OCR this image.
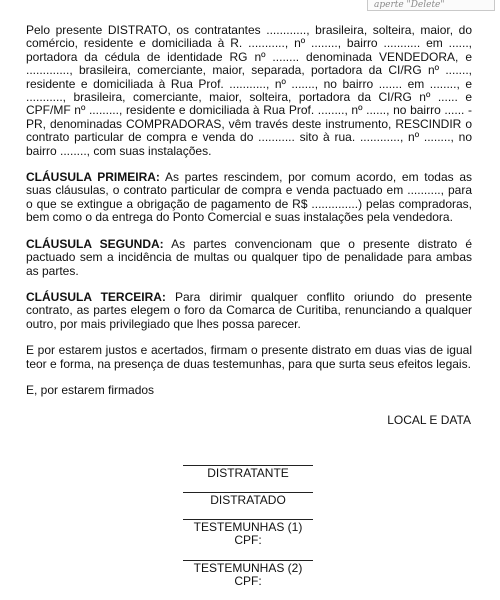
aperte "Delete"

Pelo presente DISTRATO, os contratantes ............, brasileira, solteira, maior, do comércio, residente e domiciliada à R. ..........., nº ........, bairro ........... em ......, portadora da cédula de identidade RG nº ........ denominada VENDEDORA, e ............., brasileira, comerciante, maior, separada, portadora da CI/RG nº ......., residente e domiciliada à Rua Prof. ..........., nº ......., no bairro ....... em ........, e ..........., brasileira, comerciante, maior, solteira, portadora da CI/RG nº ...... e CPF/MF nº ........., residente e domiciliada à Rua Prof. ........, nº ......, no bairro ...... - PR, denominadas COMPRADORAS, vêm través deste instrumento, RESCINDIR o contrato particular de compra e venda do ........... sito à rua. ............, nº ........, no bairro ........, com suas instalações.

CLÁUSULA PRIMEIRA: As partes rescindem, por comum acordo, em todas as suas cláusulas, o contrato particular de compra e venda pactuado em .........., para o que se extingue a obrigação de pagamento de R$ ..............) pelas compradoras, bem como o da entrega do Ponto Comercial e suas instalações pela vendedora.

CLÁUSULA SEGUNDA: As partes convencionam que o presente distrato é pactuado sem a incidência de multas ou qualquer tipo de penalidade para ambas as partes.

CLÁUSULA TERCEIRA: Para dirimir qualquer conflito oriundo do presente contrato, as partes elegem o foro da Comarca de Curitiba, renunciando a qualquer outro, por mais privilegiado que lhes possa parecer.

E por estarem justos e acertados, firmam o presente distrato em duas vias de igual teor e forma, na presença de duas testemunhas, para que surta seus efeitos legais.

E, por estarem firmados

LOCAL E DATA
DISTRATANTE
DISTRATADO
TESTEMUNHAS (1)
CPF:
TESTEMUNHAS (2)
CPF:
